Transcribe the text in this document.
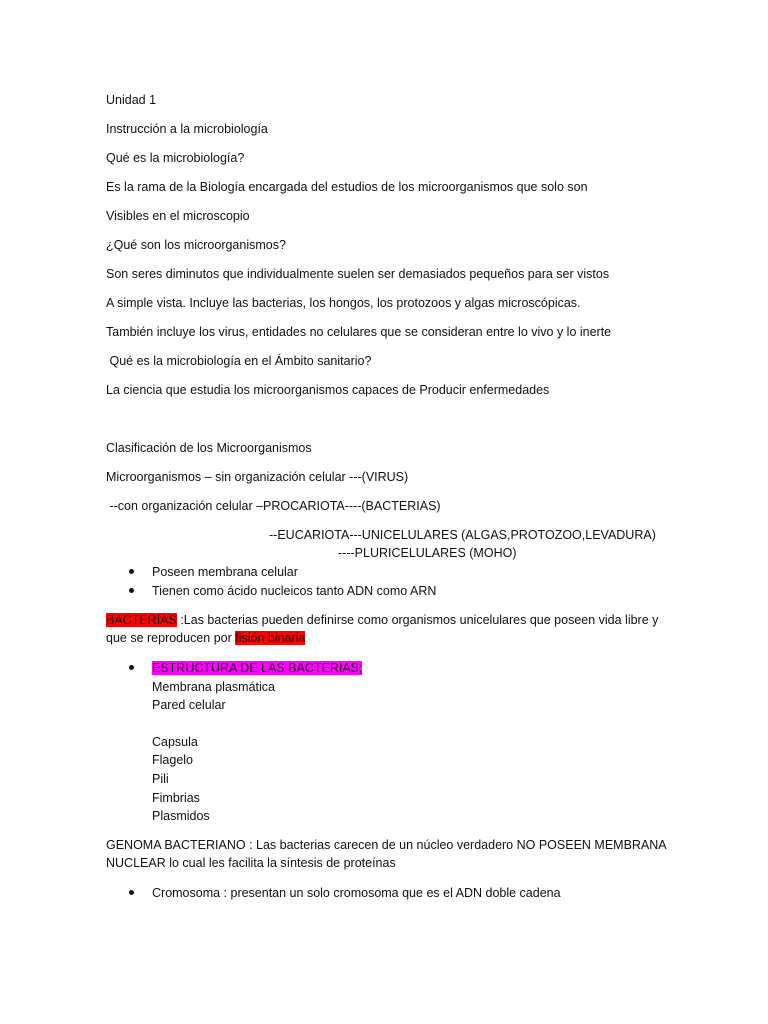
Unidad 1
Instrucción a la microbiología
Qué es la microbiología?
Es la rama de la Biología encargada del estudios de los microorganismos que solo son
Visibles en el microscopio
¿Qué son los microorganismos?
Son seres diminutos que individualmente suelen ser demasiados pequeños para ser vistos
A simple vista. Incluye las bacterias, los hongos, los protozoos y algas microscópicas.
También incluye los virus, entidades no celulares que se consideran entre lo vivo y lo inerte
Qué es la microbiología en el Ámbito sanitario?
La ciencia que estudia los microorganismos capaces de Producir enfermedades
Clasificación de los Microorganismos
Microorganismos – sin organización celular ---(VIRUS)
--con organización celular –PROCARIOTA----(BACTERIAS)
--EUCARIOTA---UNICELULARES (ALGAS,PROTOZOO,LEVADURA)
----PLURICELULARES (MOHO)
Poseen membrana celular
Tienen como ácido nucleicos tanto ADN como ARN
BACTERIAS :Las bacterias pueden definirse como organismos unicelulares que poseen vida libre y
que se reproducen por fisión binaria
ESTRUCTURA DE LAS BACTERIAS;
Membrana plasmática
Pared celular
Capsula
Flagelo
Pili
Fimbrias
Plasmidos
GENOMA BACTERIANO : Las bacterias carecen de un núcleo verdadero NO POSEEN MEMBRANA
NUCLEAR lo cual les facilita la síntesis de proteínas
Cromosoma : presentan un solo cromosoma que es el ADN doble cadena
